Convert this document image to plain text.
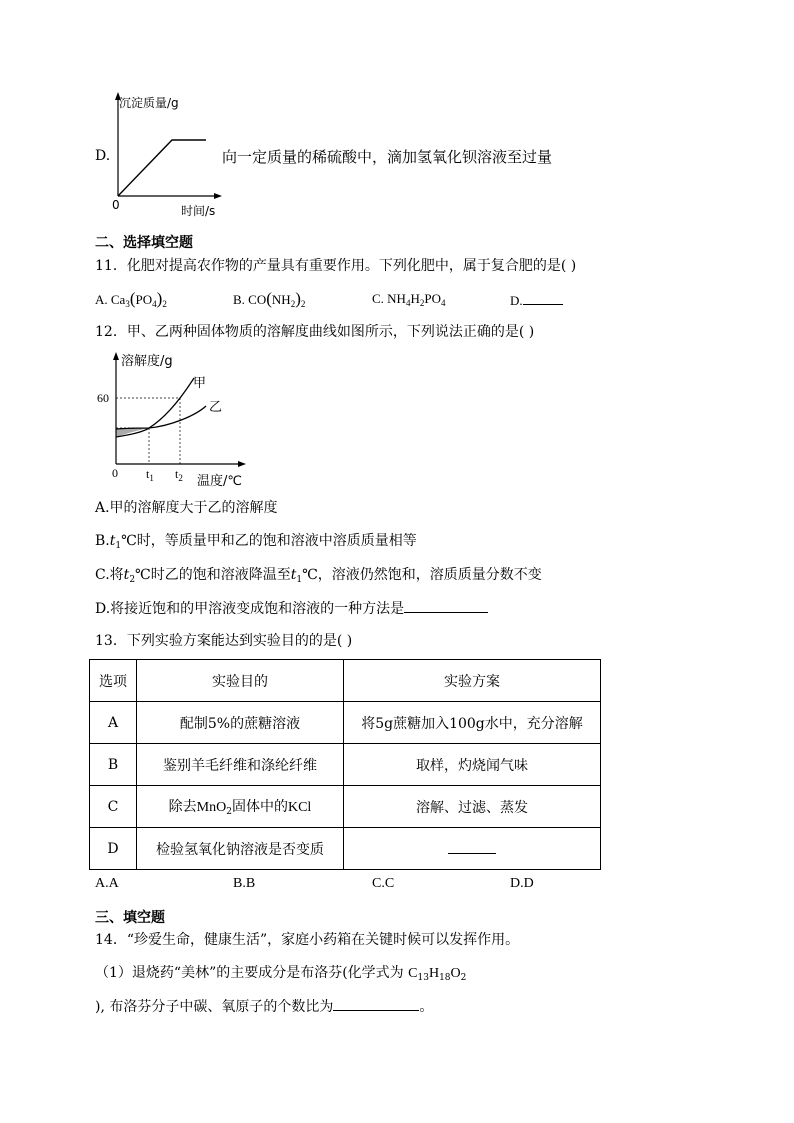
D.
沉淀质量/g
0	时间/s
向一定质量的稀硫酸中，滴加氢氧化钡溶液至过量
二、选择填空题
11．化肥对提高农作物的产量具有重要作用。下列化肥中，属于复合肥的是( )
A. $Ca_3(PO_4)_2$	B. $CO(NH_2)_2$	C. $NH_4H_2PO_4$	D.
12．甲、乙两种固体物质的溶解度曲线如图所示，下列说法正确的是( )
溶解度/g
甲
乙
60
0 $t_1$ $t_2$ 温度/℃
A.甲的溶解度大于乙的溶解度
$B.t_1℃$时，等质量甲和乙的饱和溶液中溶质质量相等
C.将$t_2℃$时乙的饱和溶液降温至$t_1℃$，溶液仍然饱和，溶质质量分数不变
D.将接近饱和的甲溶液变成饱和溶液的一种方法是
13．下列实验方案能达到实验目的的是( )
选项	实验目的	实验方案
A	配制5%的蔗糖溶液	将5g蔗糖加入100g水中，充分溶解
B	鉴别羊毛纤维和涤纶纤维	取样，灼烧闻气味
C	除去MnO$_2$固体中的KCl	溶解、过滤、蒸发
D	检验氢氧化钠溶液是否变质	
A.A	B.B	C.C	D.D
三、填空题
14．“珍爱生命，健康生活”，家庭小药箱在关键时候可以发挥作用。
（1）退烧药“美林”的主要成分是布洛芬(化学式为 $C_{13}H_{18}O_2$
), 布洛芬分子中碳、氧原子的个数比为	。
